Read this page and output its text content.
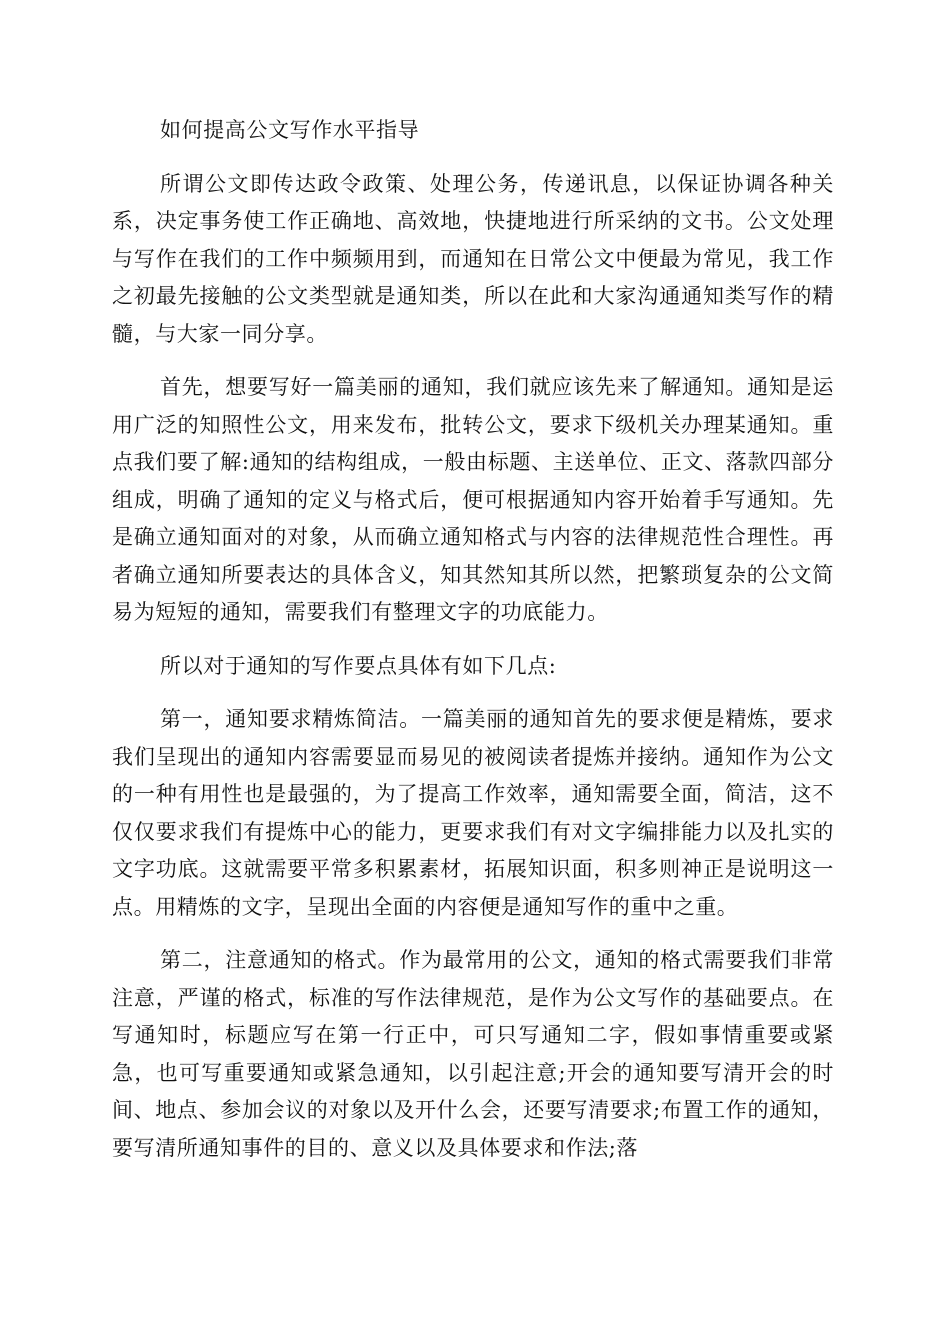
如何提高公文写作水平指导

所谓公文即传达政令政策、处理公务，传递讯息，以保证协调各种关系，决定事务使工作正确地、高效地，快捷地进行所采纳的文书。公文处理与写作在我们的工作中频频用到，而通知在日常公文中便最为常见，我工作之初最先接触的公文类型就是通知类，所以在此和大家沟通通知类写作的精髓，与大家一同分享。

首先，想要写好一篇美丽的通知，我们就应该先来了解通知。通知是运用广泛的知照性公文，用来发布，批转公文，要求下级机关办理某通知。重点我们要了解:通知的结构组成，一般由标题、主送单位、正文、落款四部分组成，明确了通知的定义与格式后，便可根据通知内容开始着手写通知。先是确立通知面对的对象，从而确立通知格式与内容的法律规范性合理性。再者确立通知所要表达的具体含义，知其然知其所以然，把繁琐复杂的公文简易为短短的通知，需要我们有整理文字的功底能力。

所以对于通知的写作要点具体有如下几点:

第一，通知要求精炼简洁。一篇美丽的通知首先的要求便是精炼，要求我们呈现出的通知内容需要显而易见的被阅读者提炼并接纳。通知作为公文的一种有用性也是最强的，为了提高工作效率，通知需要全面，简洁，这不仅仅要求我们有提炼中心的能力，更要求我们有对文字编排能力以及扎实的文字功底。这就需要平常多积累素材，拓展知识面，积多则神正是说明这一点。用精炼的文字，呈现出全面的内容便是通知写作的重中之重。

第二，注意通知的格式。作为最常用的公文，通知的格式需要我们非常注意，严谨的格式，标准的写作法律规范，是作为公文写作的基础要点。在写通知时，标题应写在第一行正中，可只写通知二字，假如事情重要或紧急，也可写重要通知或紧急通知，以引起注意;开会的通知要写清开会的时间、地点、参加会议的对象以及开什么会，还要写清要求;布置工作的通知，要写清所通知事件的目的、意义以及具体要求和作法;落
